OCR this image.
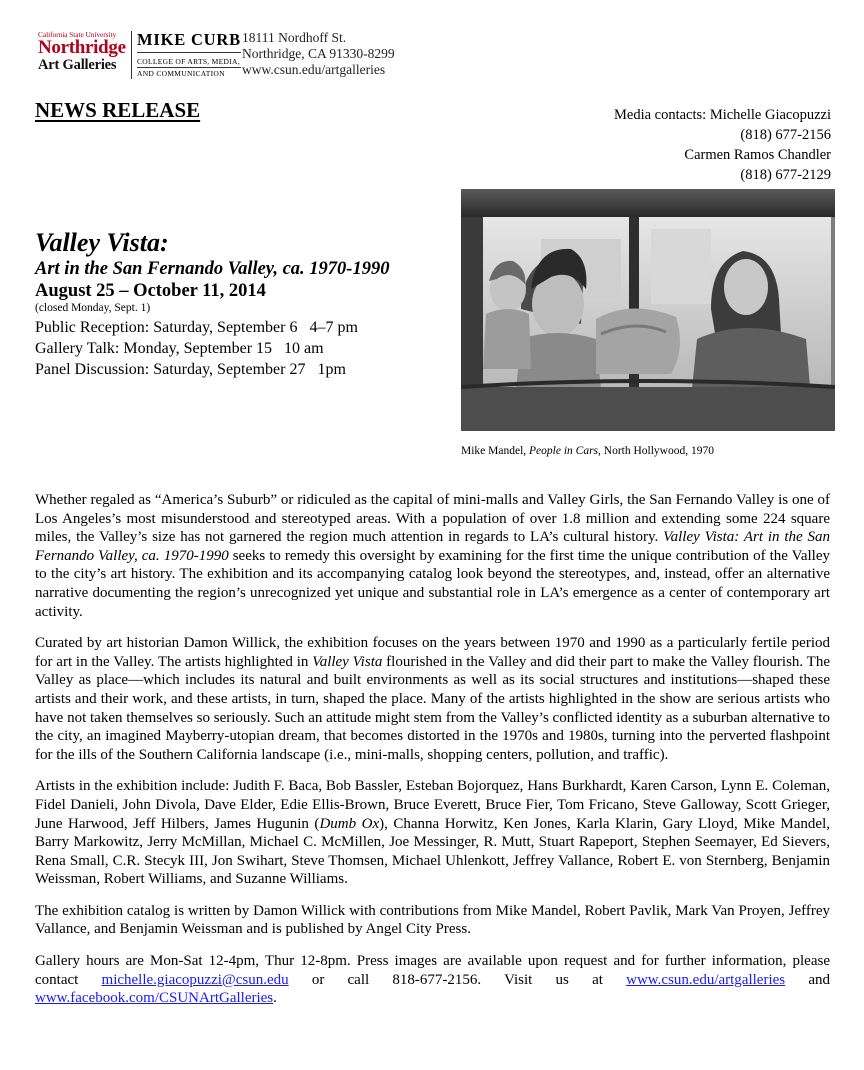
California State University
Northridge
Art Galleries
MIKE CURB
COLLEGE OF ARTS, MEDIA,
AND COMMUNICATION
18111 Nordhoff St.
Northridge, CA 91330-8299
www.csun.edu/artgalleries
NEWS RELEASE	Media contacts: Michelle Giacopuzzi
(818) 677-2156
Carmen Ramos Chandler
(818) 677-2129
Valley Vista:
Art in the San Fernando Valley, ca. 1970-1990
August 25 – October 11, 2014
(closed Monday, Sept. 1)
Public Reception: Saturday, September 6   4–7 pm
Gallery Talk: Monday, September 15   10 am
Panel Discussion: Saturday, September 27   1pm
Mike Mandel, People in Cars, North Hollywood, 1970

Whether regaled as “America’s Suburb” or ridiculed as the capital of mini-malls and Valley Girls, the San Fernando Valley is one of Los Angeles’s most misunderstood and stereotyped areas. With a population of over 1.8 million and extending some 224 square miles, the Valley’s size has not garnered the region much attention in regards to LA’s cultural history. Valley Vista: Art in the San Fernando Valley, ca. 1970-1990 seeks to remedy this oversight by examining for the first time the unique contribution of the Valley to the city’s art history. The exhibition and its accompanying catalog look beyond the stereotypes, and, instead, offer an alternative narrative documenting the region’s unrecognized yet unique and substantial role in LA’s emergence as a center of contemporary art activity.

Curated by art historian Damon Willick, the exhibition focuses on the years between 1970 and 1990 as a particularly fertile period for art in the Valley. The artists highlighted in Valley Vista flourished in the Valley and did their part to make the Valley flourish. The Valley as place—which includes its natural and built environments as well as its social structures and institutions—shaped these artists and their work, and these artists, in turn, shaped the place. Many of the artists highlighted in the show are serious artists who have not taken themselves so seriously. Such an attitude might stem from the Valley’s conflicted identity as a suburban alternative to the city, an imagined Mayberry-utopian dream, that becomes distorted in the 1970s and 1980s, turning into the perverted flashpoint for the ills of the Southern California landscape (i.e., mini-malls, shopping centers, pollution, and traffic).

Artists in the exhibition include: Judith F. Baca, Bob Bassler, Esteban Bojorquez, Hans Burkhardt, Karen Carson, Lynn E. Coleman, Fidel Danieli, John Divola, Dave Elder, Edie Ellis-Brown, Bruce Everett, Bruce Fier, Tom Fricano, Steve Galloway, Scott Grieger, June Harwood, Jeff Hilbers, James Hugunin (Dumb Ox), Channa Horwitz, Ken Jones, Karla Klarin, Gary Lloyd, Mike Mandel, Barry Markowitz, Jerry McMillan, Michael C. McMillen, Joe Messinger, R. Mutt, Stuart Rapeport, Stephen Seemayer, Ed Sievers, Rena Small, C.R. Stecyk III, Jon Swihart, Steve Thomsen, Michael Uhlenkott, Jeffrey Vallance, Robert E. von Sternberg, Benjamin Weissman, Robert Williams, and Suzanne Williams.

The exhibition catalog is written by Damon Willick with contributions from Mike Mandel, Robert Pavlik, Mark Van Proyen, Jeffrey Vallance, and Benjamin Weissman and is published by Angel City Press.

Gallery hours are Mon-Sat 12-4pm, Thur 12-8pm. Press images are available upon request and for further information, please contact michelle.giacopuzzi@csun.edu or call 818-677-2156. Visit us at www.csun.edu/artgalleries and www.facebook.com/CSUNArtGalleries.
